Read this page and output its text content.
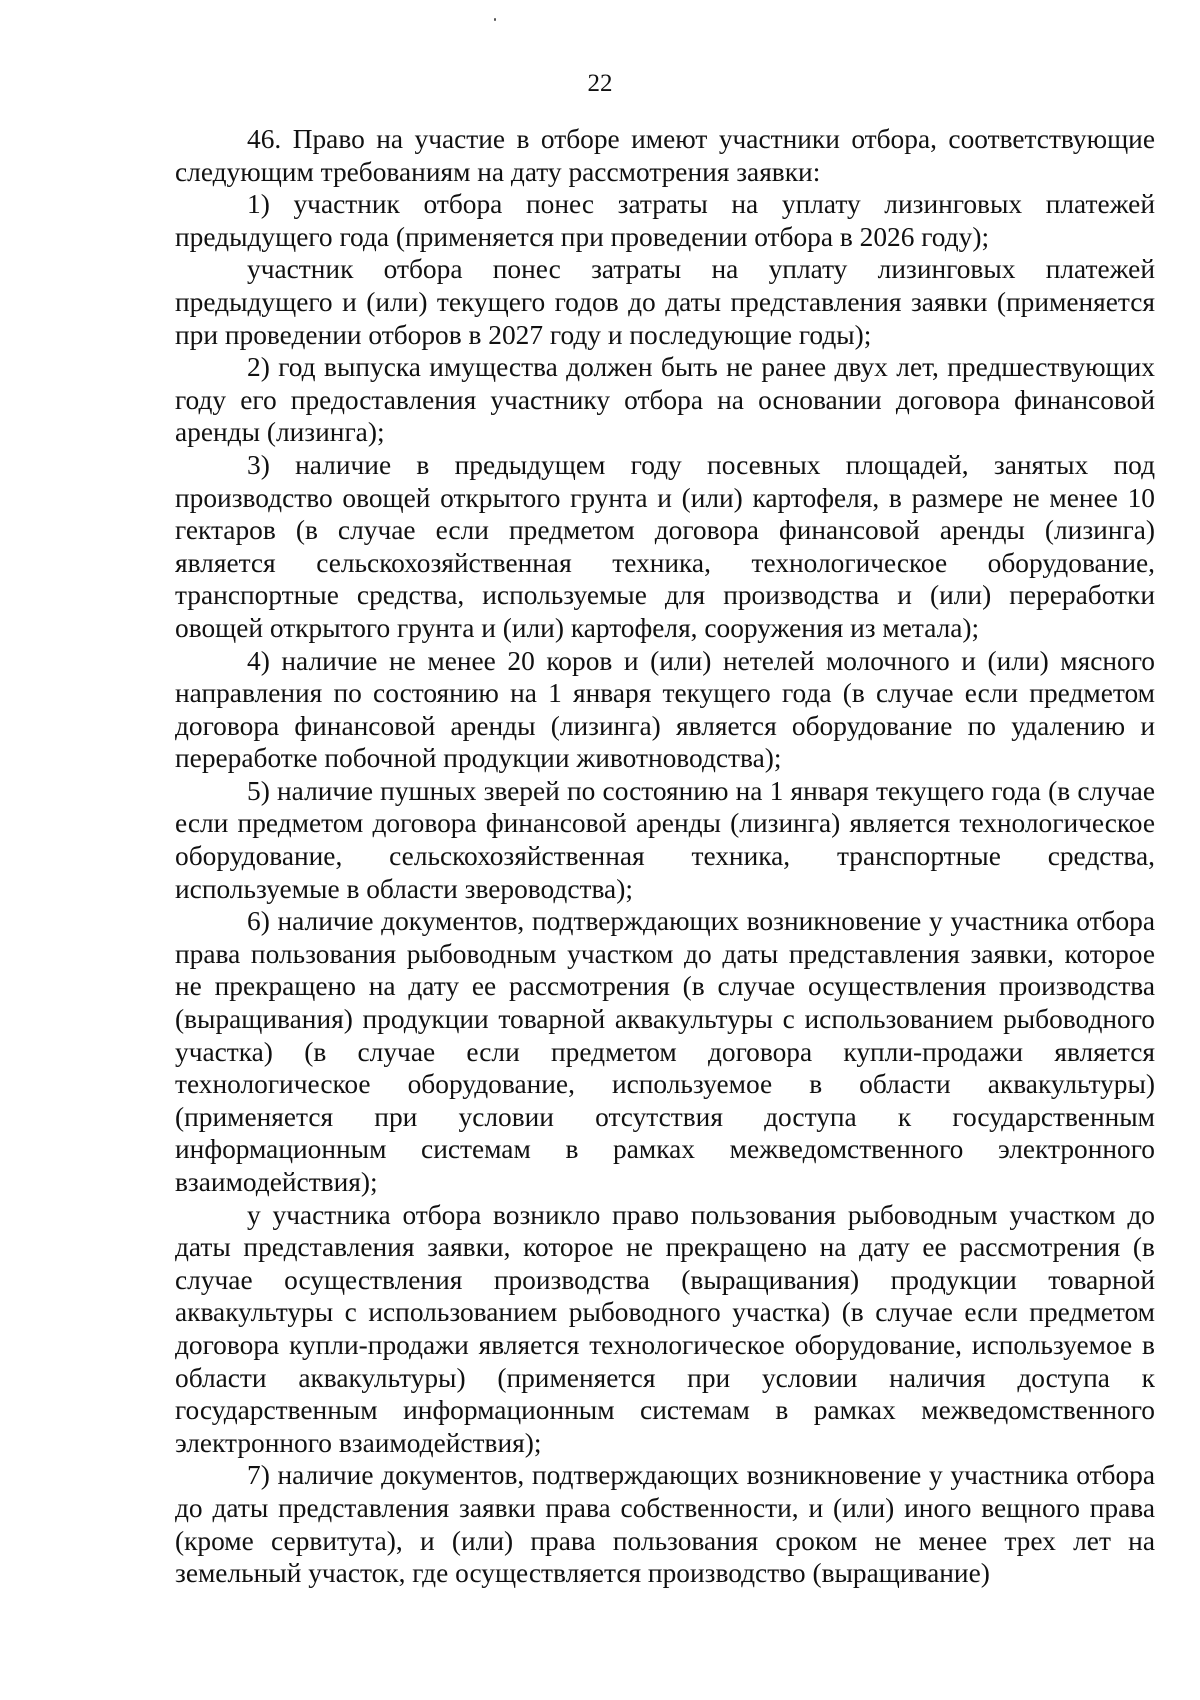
22

46. Право на участие в отборе имеют участники отбора, соответствующие следующим требованиям на дату рассмотрения заявки:

1) участник отбора понес затраты на уплату лизинговых платежей предыдущего года (применяется при проведении отбора в 2026 году);

участник отбора понес затраты на уплату лизинговых платежей предыдущего и (или) текущего годов до даты представления заявки (применяется при проведении отборов в 2027 году и последующие годы);

2) год выпуска имущества должен быть не ранее двух лет, предшествующих году его предоставления участнику отбора на основании договора финансовой аренды (лизинга);

3) наличие в предыдущем году посевных площадей, занятых под производство овощей открытого грунта и (или) картофеля, в размере не менее 10 гектаров (в случае если предметом договора финансовой аренды (лизинга) является сельскохозяйственная техника, технологическое оборудование, транспортные средства, используемые для производства и (или) переработки овощей открытого грунта и (или) картофеля, сооружения из метала);

4) наличие не менее 20 коров и (или) нетелей молочного и (или) мясного направления по состоянию на 1 января текущего года (в случае если предметом договора финансовой аренды (лизинга) является оборудование по удалению и переработке побочной продукции животноводства);

5) наличие пушных зверей по состоянию на 1 января текущего года (в случае если предметом договора финансовой аренды (лизинга) является технологическое оборудование, сельскохозяйственная техника, транспортные средства, используемые в области звероводства);

6) наличие документов, подтверждающих возникновение у участника отбора права пользования рыбоводным участком до даты представления заявки, которое не прекращено на дату ее рассмотрения (в случае осуществления производства (выращивания) продукции товарной аквакультуры с использованием рыбоводного участка) (в случае если предметом договора купли-продажи является технологическое оборудование, используемое в области аквакультуры) (применяется при условии отсутствия доступа к государственным информационным системам в рамках межведомственного электронного взаимодействия);

у участника отбора возникло право пользования рыбоводным участком до даты представления заявки, которое не прекращено на дату ее рассмотрения (в случае осуществления производства (выращивания) продукции товарной аквакультуры с использованием рыбоводного участка) (в случае если предметом договора купли-продажи является технологическое оборудование, используемое в области аквакультуры) (применяется при условии наличия доступа к государственным информационным системам в рамках межведомственного электронного взаимодействия);

7) наличие документов, подтверждающих возникновение у участника отбора до даты представления заявки права собственности, и (или) иного вещного права (кроме сервитута), и (или) права пользования сроком не менее трех лет на земельный участок, где осуществляется производство (выращивание)
